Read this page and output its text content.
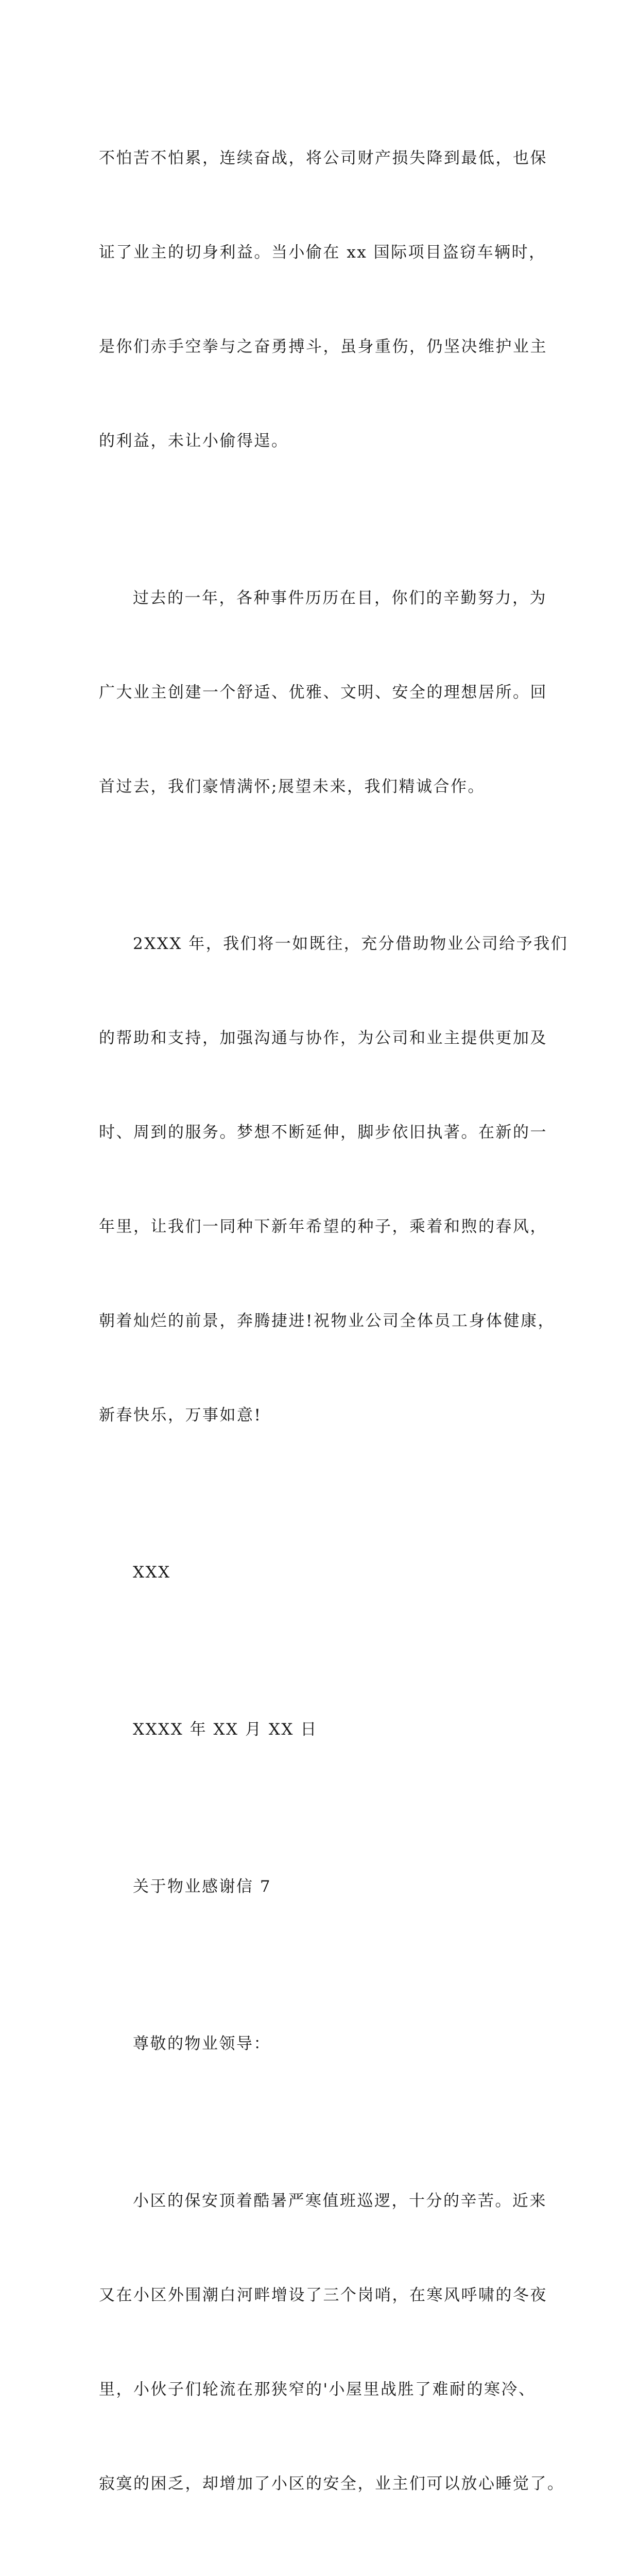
不怕苦不怕累，连续奋战，将公司财产损失降到最低，也保

证了业主的切身利益。当小偷在 xx 国际项目盗窃车辆时，

是你们赤手空拳与之奋勇搏斗，虽身重伤，仍坚决维护业主

的利益，未让小偷得逞。

过去的一年，各种事件历历在目，你们的辛勤努力，为

广大业主创建一个舒适、优雅、文明、安全的理想居所。回

首过去，我们豪情满怀;展望未来，我们精诚合作。

2XXX 年，我们将一如既往，充分借助物业公司给予我们

的帮助和支持，加强沟通与协作，为公司和业主提供更加及

时、周到的服务。梦想不断延伸，脚步依旧执著。在新的一

年里，让我们一同种下新年希望的种子，乘着和煦的春风，

朝着灿烂的前景，奔腾捷进!祝物业公司全体员工身体健康，

新春快乐，万事如意!

XXX

XXXX 年 XX 月 XX 日

关于物业感谢信 7

尊敬的物业领导：

小区的保安顶着酷暑严寒值班巡逻，十分的辛苦。近来

又在小区外围潮白河畔增设了三个岗哨，在寒风呼啸的冬夜

里，小伙子们轮流在那狭窄的'小屋里战胜了难耐的寒冷、

寂寞的困乏，却增加了小区的安全，业主们可以放心睡觉了。
